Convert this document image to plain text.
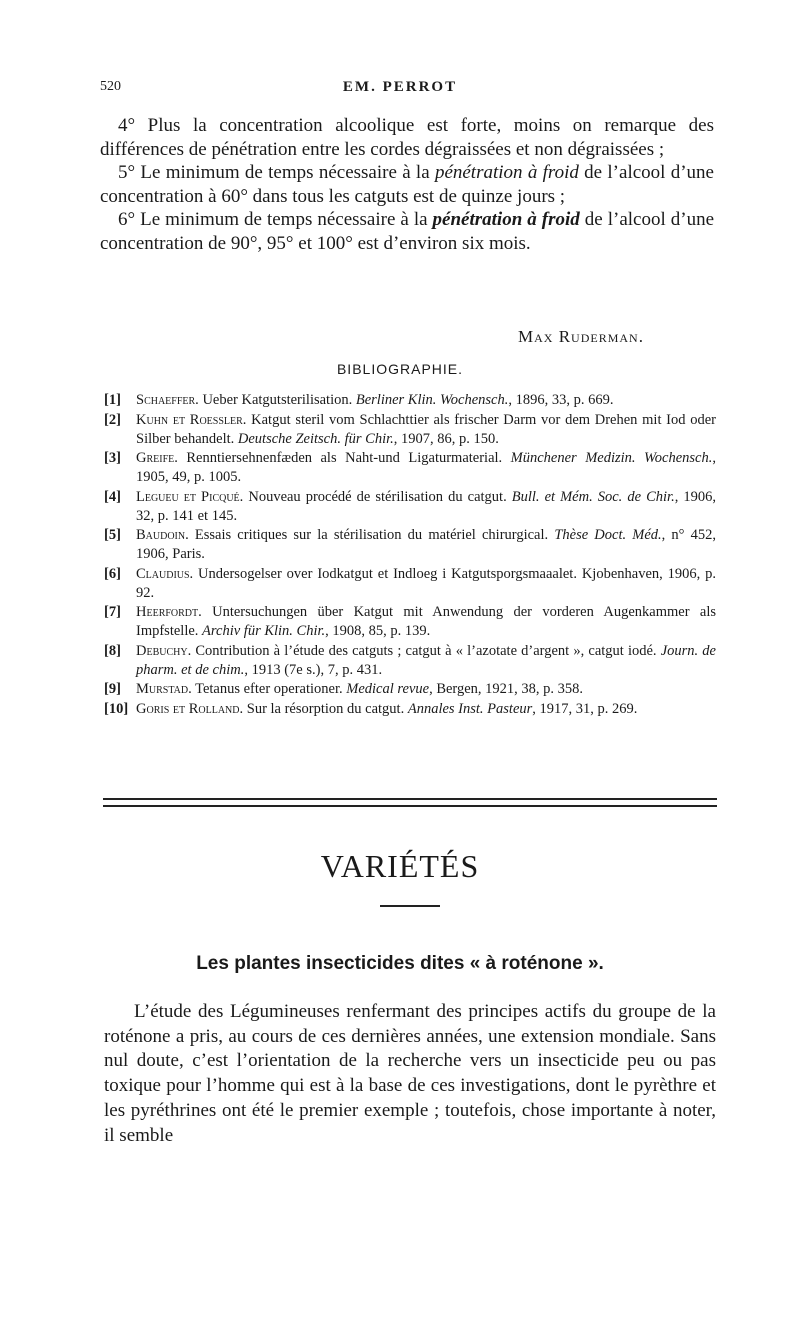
520	EM. PERROT

4° Plus la concentration alcoolique est forte, moins on remarque des différences de pénétration entre les cordes dégraissées et non dégraissées ;

5° Le minimum de temps nécessaire à la pénétration à froid de l’alcool d’une concentration à 60° dans tous les catguts est de quinze jours ;

6° Le minimum de temps nécessaire à la pénétration à froid de l’alcool d’une concentration de 90°, 95° et 100° est d’environ six mois.

Max Ruderman.
BIBLIOGRAPHIE.
[1] Schaeffer. Ueber Katgutsterilisation. Berliner Klin. Wochensch., 1896, 33, p. 669.
[2] Kuhn et Roessler. Katgut steril vom Schlachttier als frischer Darm vor dem Drehen mit Iod oder Silber behandelt. Deutsche Zeitsch. für Chir., 1907, 86, p. 150.
[3] Greife. Renntiersehnenfæden als Naht-und Ligaturmaterial. Münchener Medizin. Wochensch., 1905, 49, p. 1005.
[4] Leguеu et Picqué. Nouveau procédé de stérilisation du catgut. Bull. et Mém. Soc. de Chir., 1906, 32, p. 141 et 145.
[5] Baudoin. Essais critiques sur la stérilisation du matériel chirurgical. Thèse Doct. Méd., n° 452, 1906, Paris.
[6] Claudius. Undersogelser over Iodkatgut et Indloeg i Katgutsporgsmaaalet. Kjobenhaven, 1906, p. 92.
[7] Heerfordt. Untersuchungen über Katgut mit Anwendung der vorderen Augenkammer als Impfstelle. Archiv für Klin. Chir., 1908, 85, p. 139.
[8] Debuchy. Contribution à l’étude des catguts ; catgut à « l’azotate d’argent », catgut iodé. Journ. de pharm. et de chim., 1913 (7e s.), 7, p. 431.
[9] Murstad. Tetanus efter operationer. Medical revue, Bergen, 1921, 38, p. 358.
[10] Goris et Rolland. Sur la résorption du catgut. Annales Inst. Pasteur, 1917, 31, p. 269.
VARIÉTÉS
Les plantes insecticides dites « à roténone ».

L’étude des Légumineuses renfermant des principes actifs du groupe de la roténone a pris, au cours de ces dernières années, une extension mondiale. Sans nul doute, c’est l’orientation de la recherche vers un insecticide peu ou pas toxique pour l’homme qui est à la base de ces investigations, dont le pyrèthre et les pyréthrines ont été le premier exemple ; toutefois, chose importante à noter, il semble
